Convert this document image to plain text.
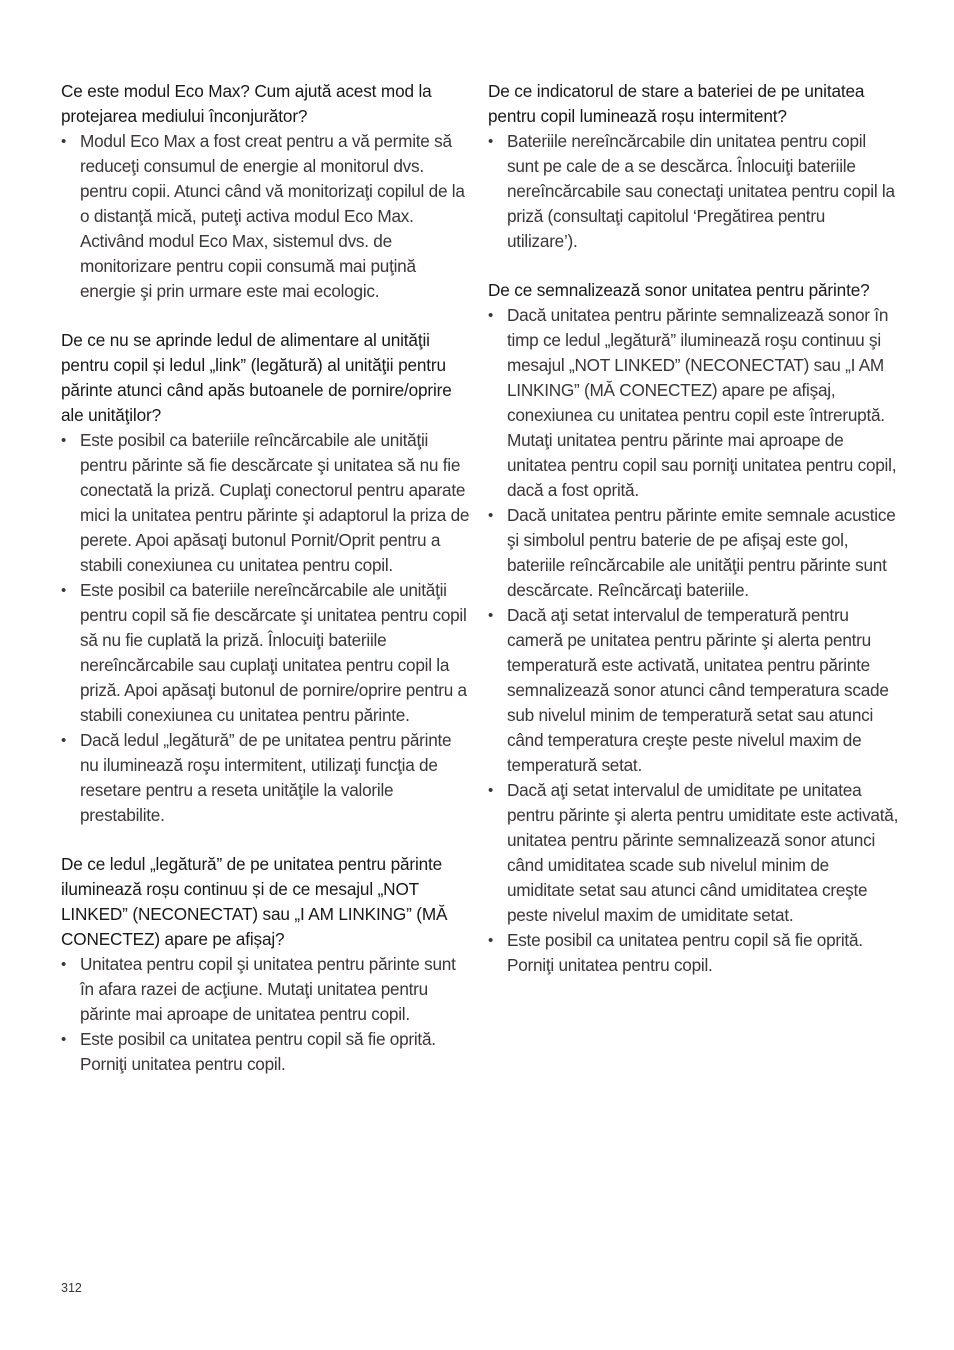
Ce este modul Eco Max? Cum ajută acest mod la protejarea mediului înconjurător?
• Modul Eco Max a fost creat pentru a vă permite să reduceţi consumul de energie al monitorul dvs. pentru copii. Atunci când vă monitorizaţi copilul de la o distanţă mică, puteţi activa modul Eco Max. Activând modul Eco Max, sistemul dvs. de monitorizare pentru copii consumă mai puţină energie şi prin urmare este mai ecologic.
De ce nu se aprinde ledul de alimentare al unităţii pentru copil și ledul „link” (legătură) al unităţii pentru părinte atunci când apăs butoanele de pornire/oprire ale unităţilor?
• Este posibil ca bateriile reîncărcabile ale unităţii pentru părinte să fie descărcate şi unitatea să nu fie conectată la priză. Cuplaţi conectorul pentru aparate mici la unitatea pentru părinte şi adaptorul la priza de perete. Apoi apăsaţi butonul Pornit/Oprit pentru a stabili conexiunea cu unitatea pentru copil.
• Este posibil ca bateriile nereîncărcabile ale unităţii pentru copil să fie descărcate şi unitatea pentru copil să nu fie cuplată la priză. Înlocuiţi bateriile nereîncărcabile sau cuplaţi unitatea pentru copil la priză. Apoi apăsaţi butonul de pornire/oprire pentru a stabili conexiunea cu unitatea pentru părinte.
• Dacă ledul „legătură” de pe unitatea pentru părinte nu iluminează roşu intermitent, utilizaţi funcţia de resetare pentru a reseta unităţile la valorile prestabilite.
De ce ledul „legătură” de pe unitatea pentru părinte iluminează roșu continuu și de ce mesajul „NOT LINKED” (NECONECTAT) sau „I AM LINKING” (MĂ CONECTEZ) apare pe afișaj?
• Unitatea pentru copil şi unitatea pentru părinte sunt în afara razei de acţiune. Mutaţi unitatea pentru părinte mai aproape de unitatea pentru copil.
• Este posibil ca unitatea pentru copil să fie oprită. Porniţi unitatea pentru copil.
De ce indicatorul de stare a bateriei de pe unitatea pentru copil luminează roșu intermitent?
• Bateriile nereîncărcabile din unitatea pentru copil sunt pe cale de a se descărca. Înlocuiţi bateriile nereîncărcabile sau conectaţi unitatea pentru copil la priză (consultaţi capitolul ‘Pregătirea pentru utilizare’).
De ce semnalizează sonor unitatea pentru părinte?
• Dacă unitatea pentru părinte semnalizează sonor în timp ce ledul „legătură” iluminează roşu continuu şi mesajul „NOT LINKED” (NECONECTAT) sau „I AM LINKING” (MĂ CONECTEZ) apare pe afişaj, conexiunea cu unitatea pentru copil este întreruptă. Mutaţi unitatea pentru părinte mai aproape de unitatea pentru copil sau porniţi unitatea pentru copil, dacă a fost oprită.
• Dacă unitatea pentru părinte emite semnale acustice şi simbolul pentru baterie de pe afişaj este gol, bateriile reîncărcabile ale unităţii pentru părinte sunt descărcate. Reîncărcaţi bateriile.
• Dacă aţi setat intervalul de temperatură pentru cameră pe unitatea pentru părinte şi alerta pentru temperatură este activată, unitatea pentru părinte semnalizează sonor atunci când temperatura scade sub nivelul minim de temperatură setat sau atunci când temperatura creşte peste nivelul maxim de temperatură setat.
• Dacă aţi setat intervalul de umiditate pe unitatea pentru părinte şi alerta pentru umiditate este activată, unitatea pentru părinte semnalizează sonor atunci când umiditatea scade sub nivelul minim de umiditate setat sau atunci când umiditatea creşte peste nivelul maxim de umiditate setat.
• Este posibil ca unitatea pentru copil să fie oprită. Porniţi unitatea pentru copil.
312
